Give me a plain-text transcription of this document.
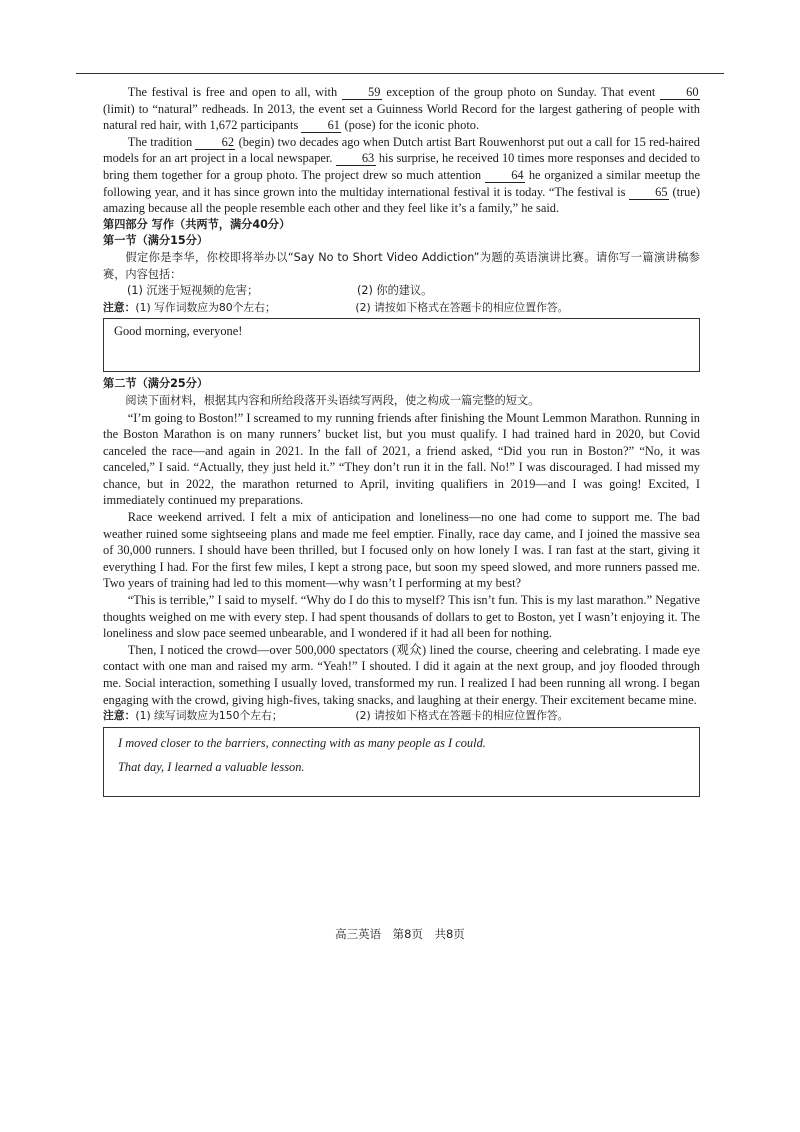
The festival is free and open to all, with 59 exception of the group photo on Sunday. That event 60 (limit) to “natural” redheads. In 2013, the event set a Guinness World Record for the largest gathering of people with natural red hair, with 1,672 participants 61 (pose) for the iconic photo.

The tradition 62 (begin) two decades ago when Dutch artist Bart Rouwenhorst put out a call for 15 red-haired models for an art project in a local newspaper. 63 his surprise, he received 10 times more responses and decided to bring them together for a group photo. The project drew so much attention 64 he organized a similar meetup the following year, and it has since grown into the multiday international festival it is today. “The festival is 65 (true) amazing because all the people resemble each other and they feel like it’s a family,” he said.

第四部分 写作（共两节，满分40分）
第一节（满分15分）

假定你是李华，你校即将举办以“Say No to Short Video Addiction”为题的英语演讲比赛。请你写一篇演讲稿参赛，内容包括：

(1) 沉迷于短视频的危害；	(2) 你的建议。
注意： (1) 写作词数应为80个左右；	(2) 请按如下格式在答题卡的相应位置作答。
Good morning, everyone!
第二节（满分25分）

阅读下面材料，根据其内容和所给段落开头语续写两段，使之构成一篇完整的短文。

“I’m going to Boston!” I screamed to my running friends after finishing the Mount Lemmon Marathon. Running in the Boston Marathon is on many runners’ bucket list, but you must qualify. I had trained hard in 2020, but Covid canceled the race—and again in 2021. In the fall of 2021, a friend asked, “Did you run in Boston?” “No, it was canceled,” I said. “Actually, they just held it.” “They don’t run it in the fall. No!” I was discouraged. I had missed my chance, but in 2022, the marathon returned to April, inviting qualifiers in 2019—and I was going! Excited, I immediately continued my preparations.

Race weekend arrived. I felt a mix of anticipation and loneliness—no one had come to support me. The bad weather ruined some sightseeing plans and made me feel emptier. Finally, race day came, and I joined the massive sea of 30,000 runners. I should have been thrilled, but I focused only on how lonely I was. I ran fast at the start, giving it everything I had. For the first few miles, I kept a strong pace, but soon my speed slowed, and more runners passed me. Two years of training had led to this moment—why wasn’t I performing at my best?

“This is terrible,” I said to myself. “Why do I do this to myself? This isn’t fun. This is my last marathon.” Negative thoughts weighed on me with every step. I had spent thousands of dollars to get to Boston, yet I wasn’t enjoying it. The loneliness and slow pace seemed unbearable, and I wondered if it had all been for nothing.

Then, I noticed the crowd—over 500,000 spectators (观众) lined the course, cheering and celebrating. I made eye contact with one man and raised my arm. “Yeah!” I shouted. I did it again at the next group, and joy flooded through me. Social interaction, something I usually loved, transformed my run. I realized I had been running all wrong. I began engaging with the crowd, giving high-fives, taking snacks, and laughing at their energy. Their excitement became mine.

注意： (1) 续写词数应为150个左右；	(2) 请按如下格式在答题卡的相应位置作答。

I moved closer to the barriers, connecting with as many people as I could.

That day, I learned a valuable lesson.

高三英语　第8页　共8页
